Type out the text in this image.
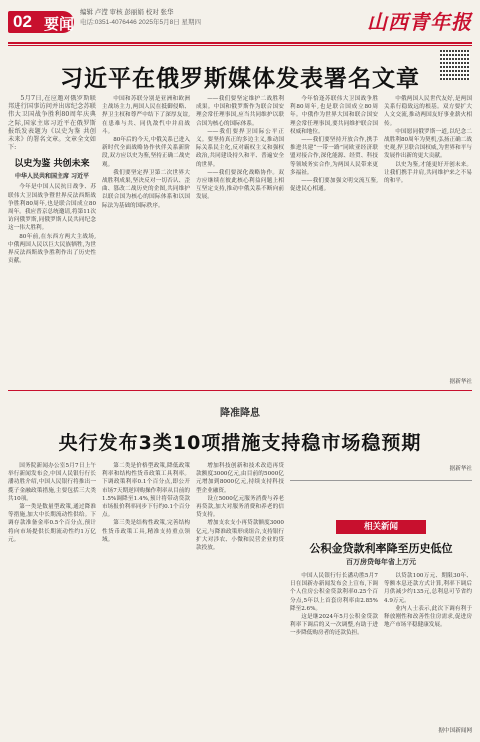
02 要闻
编辑 卢滢 审核 彭丽娟 校对 张华
电话:0351-4076446 2025年5月8日 星期四	山西青年报
习近平在俄罗斯媒体发表署名文章

5月7日,在应邀对俄罗斯联邦进行国事访问并出席纪念苏联伟大卫国战争胜利80周年庆典之际,国家主席习近平在俄罗斯报纸发表题为《以史为鉴 共创未来》的署名文章。文章全文如下:

以史为鉴 共创未来
中华人民共和国主席 习近平

今年是中国人民抗日战争、苏联伟大卫国战争暨世界反法西斯战争胜利80周年,也是联合国成立80周年。我应普京总统邀请,将第11次访问俄罗斯,同俄罗斯人民共同纪念这一伟大胜利。

80年前,在东西方两大主战场,中俄两国人民以巨大民族牺牲,为世界反法西斯战争胜利作出了历史性贡献。

中国和苏联分别是亚洲和欧洲主战场主力,两国人民在抵御侵略、捍卫主权和尊严中结下了深厚友谊,在患难与共、同仇敌忾中并肩战斗。

80年后的今天,中俄关系已进入新时代全面战略协作伙伴关系新阶段,双方应以史为鉴,坚持正确二战史观。

我们要坚定捍卫第二次世界大战胜利成果,坚决反对一切否认、歪曲、篡改二战历史的企图,共同维护以联合国为核心的国际体系和以国际法为基础的国际秩序。

——我们要坚定维护二战胜利成果。中国和俄罗斯作为联合国安理会常任理事国,应当共同维护以联合国为核心的国际体系。

——我们要捍卫国际公平正义。要坚持真正的多边主义,推动国际关系民主化,反对霸权主义和强权政治,共同建设持久和平、普遍安全的世界。

——我们要深化战略协作。双方应继续在彼此核心利益问题上相互坚定支持,推动中俄关系不断向前发展。

今年恰逢苏联伟大卫国战争胜利80周年,也是联合国成立80周年。中俄作为世界大国和联合国安理会常任理事国,要共同维护联合国权威和地位。

——我们要坚持开放合作,携手推进共建“一带一路”同欧亚经济联盟对接合作,深化能源、经贸、科技等领域务实合作,为两国人民带来更多福祉。

——我们要加强文明交流互鉴,促进民心相通。

中俄两国人民世代友好,是两国关系行稳致远的根基。双方要扩大人文交流,推动两国友好事业薪火相传。

中国愿同俄罗斯一道,以纪念二战胜利80周年为契机,弘扬正确二战史观,捍卫联合国权威,为世界和平与发展作出新的更大贡献。

以史为鉴,才能更好开创未来。让我们携手并肩,共同维护来之不易的和平。

据新华社
降准降息
央行发布3类10项措施支持稳市场稳预期

国务院新闻办公室5月7日上午举行新闻发布会,中国人民银行行长潘功胜介绍,中国人民银行将推出一揽子金融政策措施,主要包括三大类共10项。

第一类是数量型政策,通过降准等措施,加大中长期流动性供给。下调存款准备金率0.5个百分点,预计将向市场提供长期流动性约1万亿元。

第二类是价格型政策,降低政策利率和结构性货币政策工具利率。下调政策利率0.1个百分点,即公开市场7天期逆回购操作利率从目前的1.5%调降至1.4%,预计将带动贷款市场报价利率同步下行约0.1个百分点。

第三类是结构性政策,完善结构性货币政策工具,精准支持重点领域。

增加科技创新和技术改造再贷款额度3000亿元,由目前的5000亿元增加到8000亿元,持续支持科技型企业融资。

设立5000亿元服务消费与养老再贷款,加大对服务消费和养老的信贷支持。

增加支农支小再贷款额度3000亿元,与降准政策形成组合,支持银行扩大对涉农、小微和民营企业的贷款投放。

据新华社
相关新闻
公积金贷款利率降至历史低位
百万房贷每年省上万元

中国人民银行行长潘功胜5月7日在国新办新闻发布会上宣布,下调个人住房公积金贷款利率0.25个百分点,5年以上首套房利率由2.85%降至2.6%。

这是继2024年5月公积金贷款利率下调后的又一次调整,有助于进一步降低购房者的还款负担。

以贷款100万元、期限30年、等额本息还款方式计算,利率下调后月供减少约135元,总利息可节省约4.9万元。

业内人士表示,此次下调有利于释放刚性和改善性住房需求,促进房地产市场平稳健康发展。

据中国新闻网
